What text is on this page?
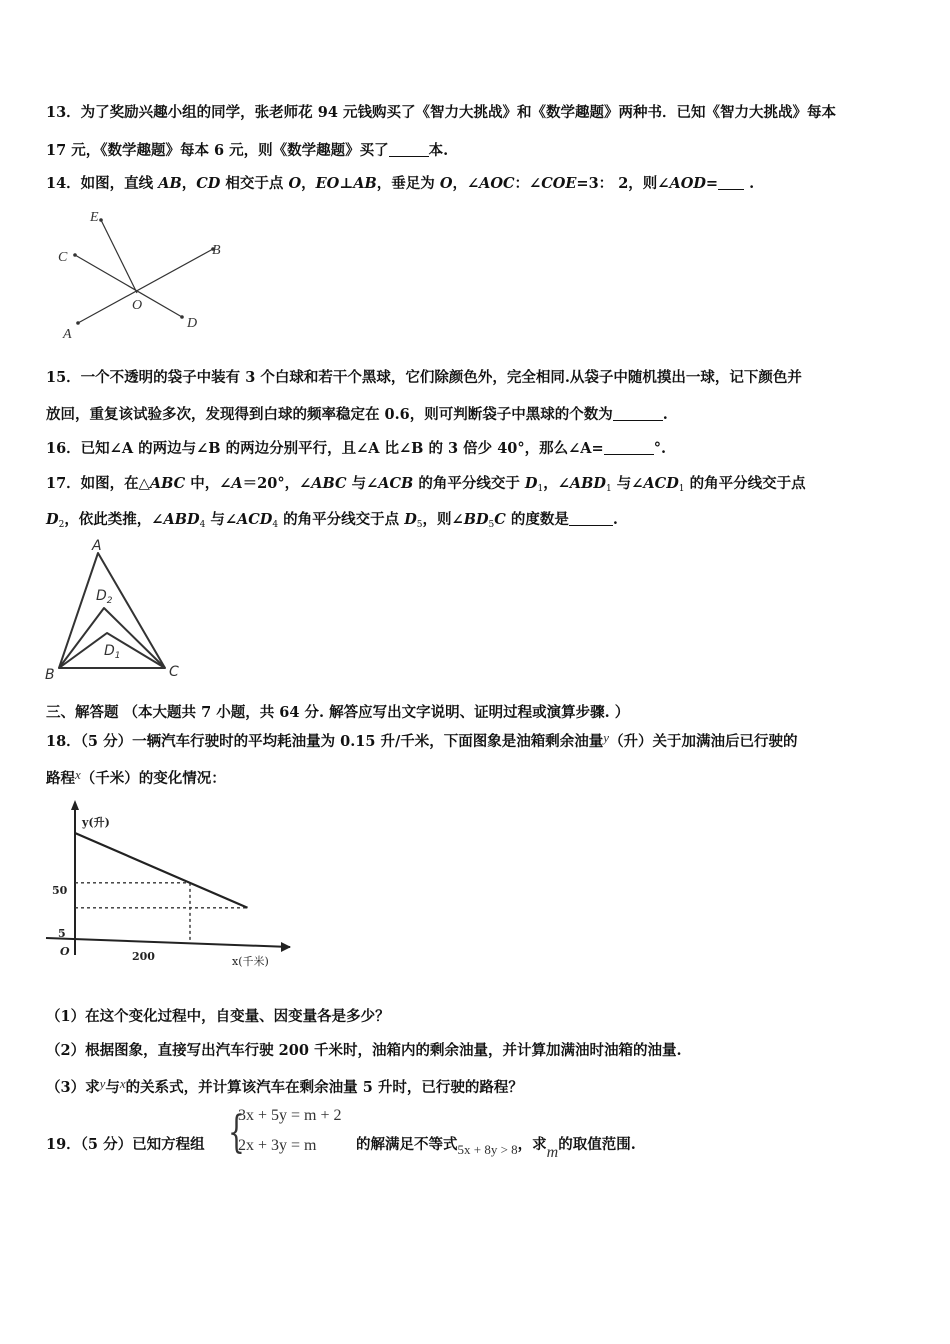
13．为了奖励兴趣小组的同学，张老师花 94 元钱购买了《智力大挑战》和《数学趣题》两种书．已知《智力大挑战》每本
17 元，《数学趣题》每本 6 元，则《数学趣题》买了	本.
14．如图，直线 AB，CD 相交于点 O，EO⊥AB，垂足为 O，∠AOC：∠COE=3： 2，则∠AOD= .
E
C	B
O
A
D
15．一个不透明的袋子中装有 3 个白球和若干个黑球，它们除颜色外，完全相同.从袋子中随机摸出一球，记下颜色并
放回，重复该试验多次，发现得到白球的频率稳定在 0.6，则可判断袋子中黑球的个数为	.
16．已知∠A 的两边与∠B 的两边分别平行，且∠A 比∠B 的 3 倍少 40°，那么∠A=	°.
17．如图，在△ABC 中，∠A＝20°，∠ABC 与∠ACB 的角平分线交于 $D_1$，$\angle ABD_1$ 与$\angle ACD_1$ 的角平分线交于点
$D_2$，依此类推，$\angle ABD_4$ 与$\angle ACD_4$ 的角平分线交于点 $D_5$，则$\angle BD_5C$ 的度数是	.
A
$D_2$
$D_1$
B	C
三、解答题 （本大题共 7 小题，共 64 分. 解答应写出文字说明、证明过程或演算步骤. ）
18．（5 分）一辆汽车行驶时的平均耗油量为 0.15 升/千米，下面图象是油箱剩余油量y（升）关于加满油后已行驶的
路程x（千米）的变化情况：
y(升)
50
5
O	200	x(千米)
（1）在这个变化过程中，自变量、因变量各是多少？
（2）根据图象，直接写出汽车行驶 200 千米时，油箱内的剩余油量，并计算加满油时油箱的油量.
（3）求y与x的关系式，并计算该汽车在剩余油量 5 升时，已行驶的路程？
19．（5 分）已知方程组 {
3x + 5y = m + 2
2x + 3y = m	的解满足不等式5x + 8y > 8，求m的取值范围.
